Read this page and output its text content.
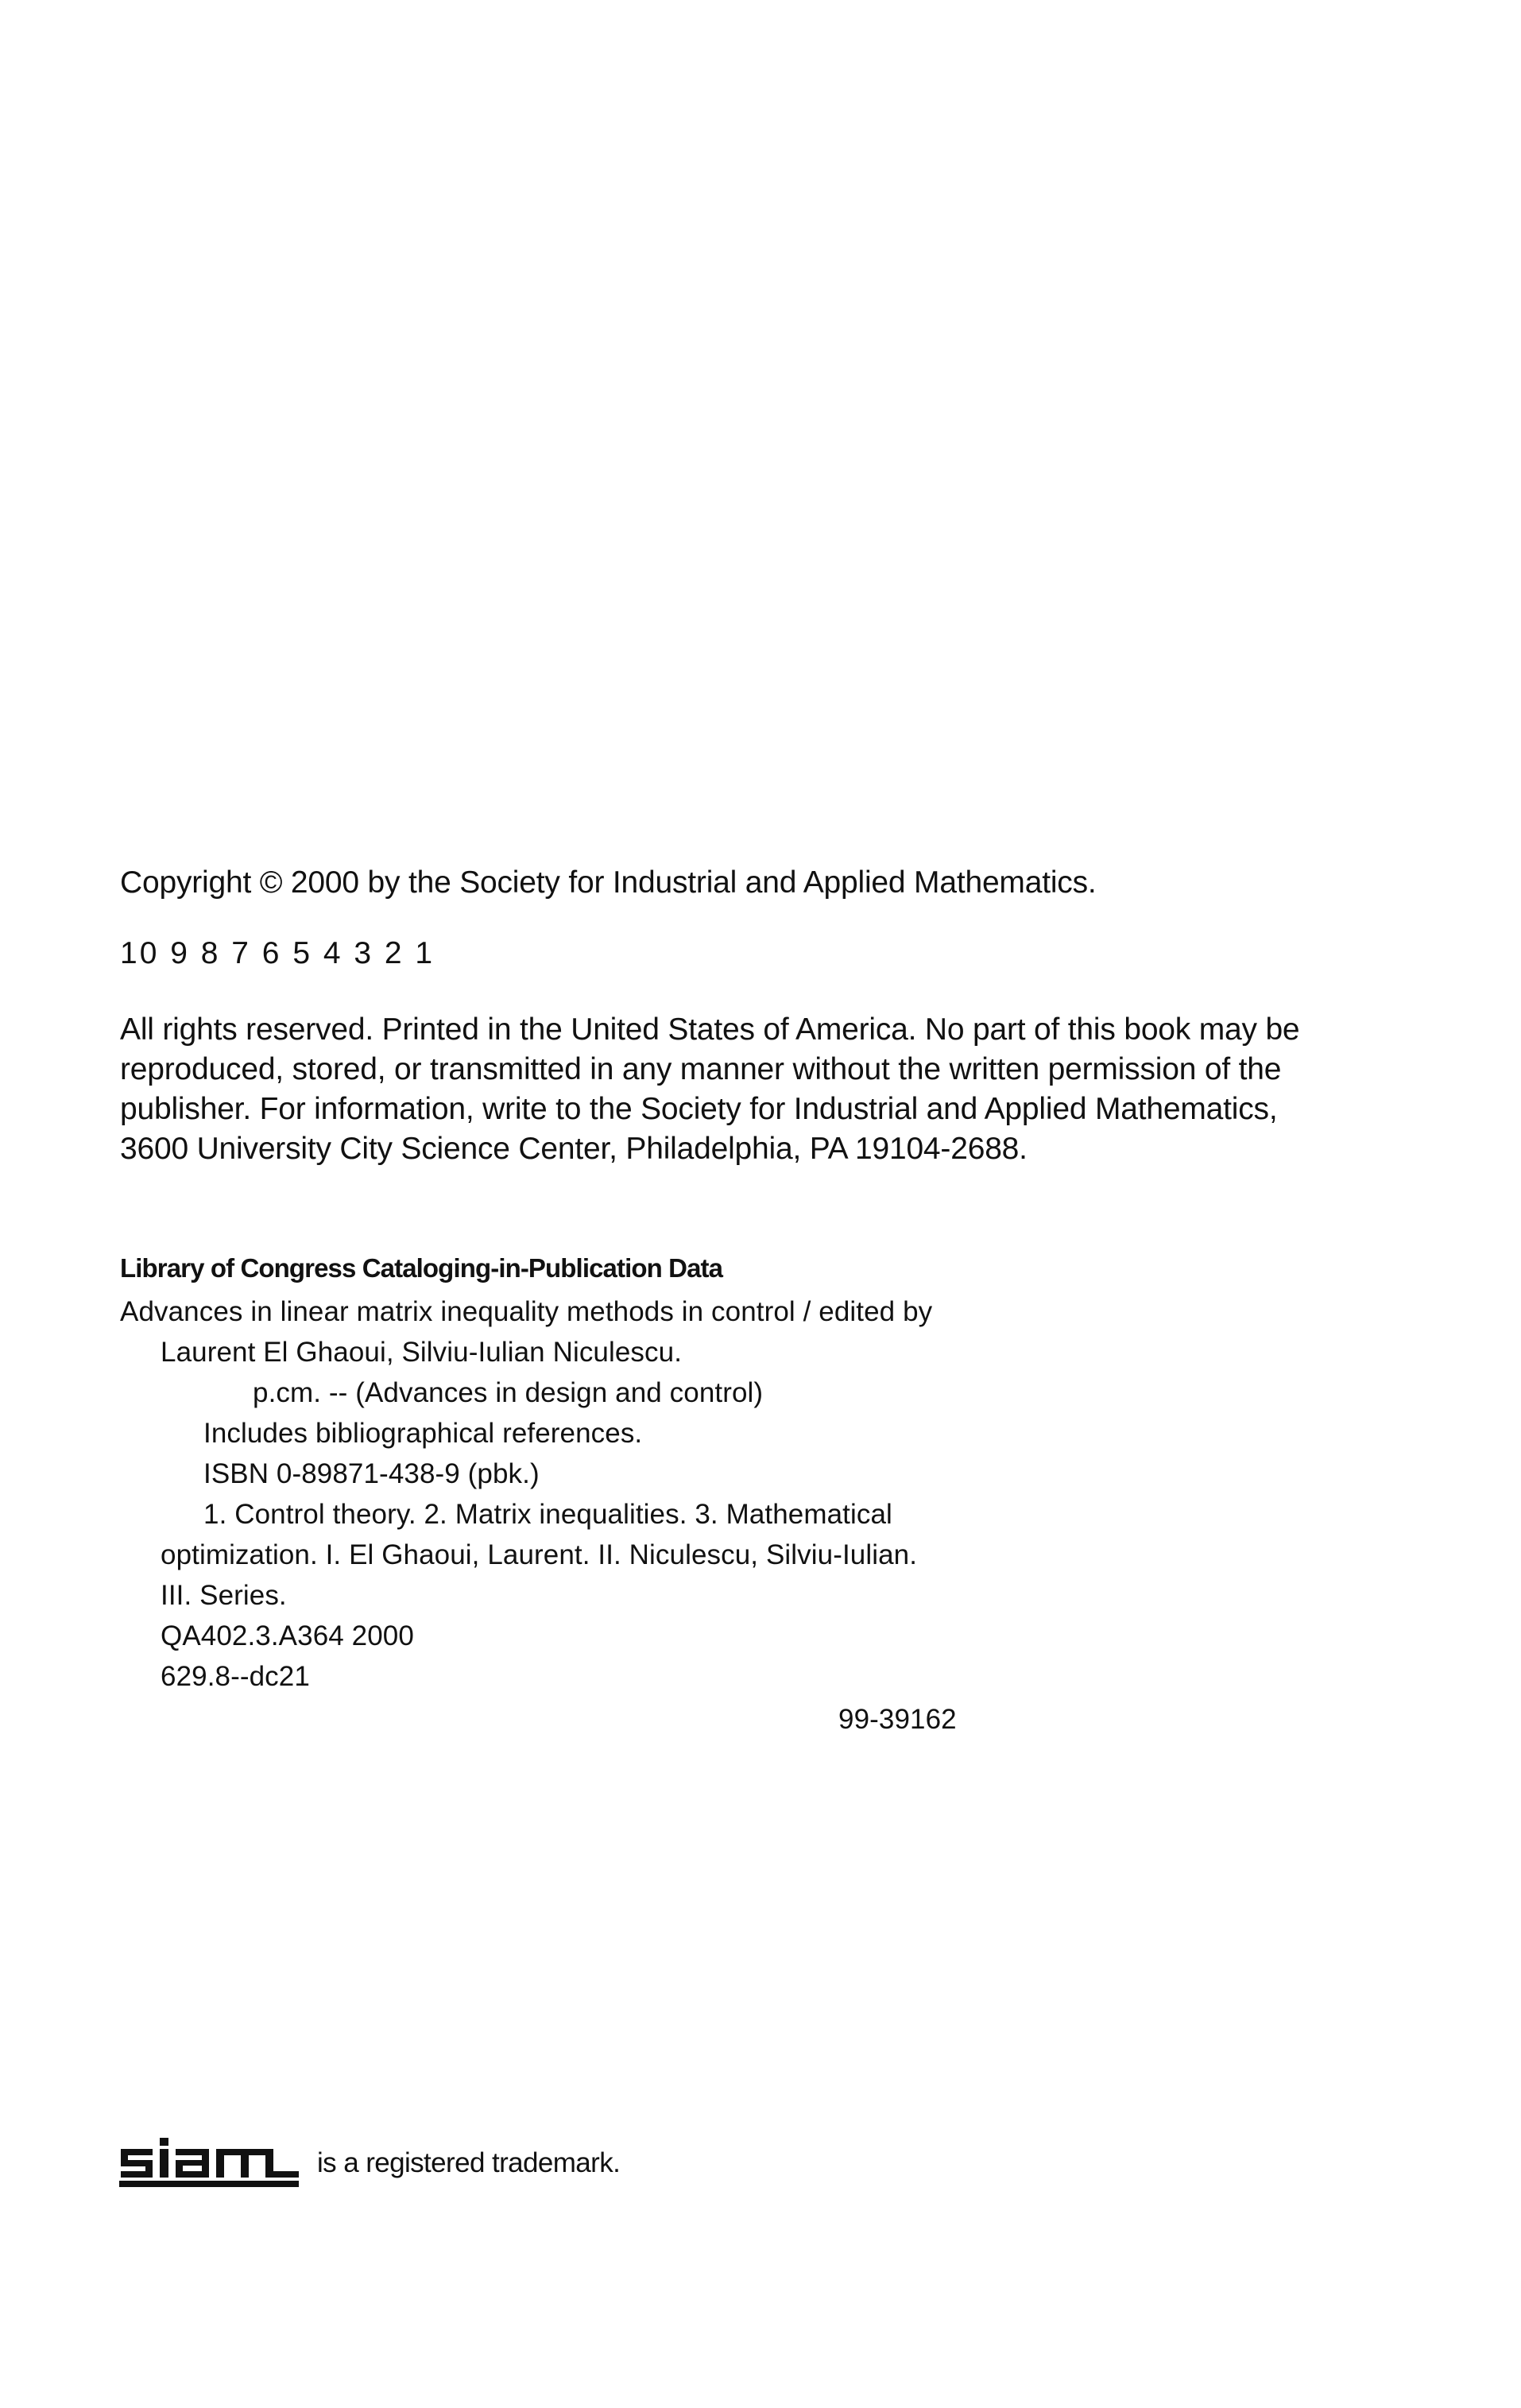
Copyright © 2000 by the Society for Industrial and Applied Mathematics.
10 9 8 7 6 5 4 3 2 1
All rights reserved. Printed in the United States of America. No part of this book may be
reproduced, stored, or transmitted in any manner without the written permission of the
publisher. For information, write to the Society for Industrial and Applied Mathematics,
3600 University City Science Center, Philadelphia, PA 19104-2688.
Library of Congress Cataloging-in-Publication Data
Advances in linear matrix inequality methods in control / edited by
Laurent El Ghaoui, Silviu-Iulian Niculescu.
p.cm. -- (Advances in design and control)
Includes bibliographical references.
ISBN 0-89871-438-9 (pbk.)
1. Control theory. 2. Matrix inequalities. 3. Mathematical
optimization. I. El Ghaoui, Laurent. II. Niculescu, Silviu-Iulian.
III. Series.
QA402.3.A364 2000
629.8--dc21
99-39162
is a registered trademark.
